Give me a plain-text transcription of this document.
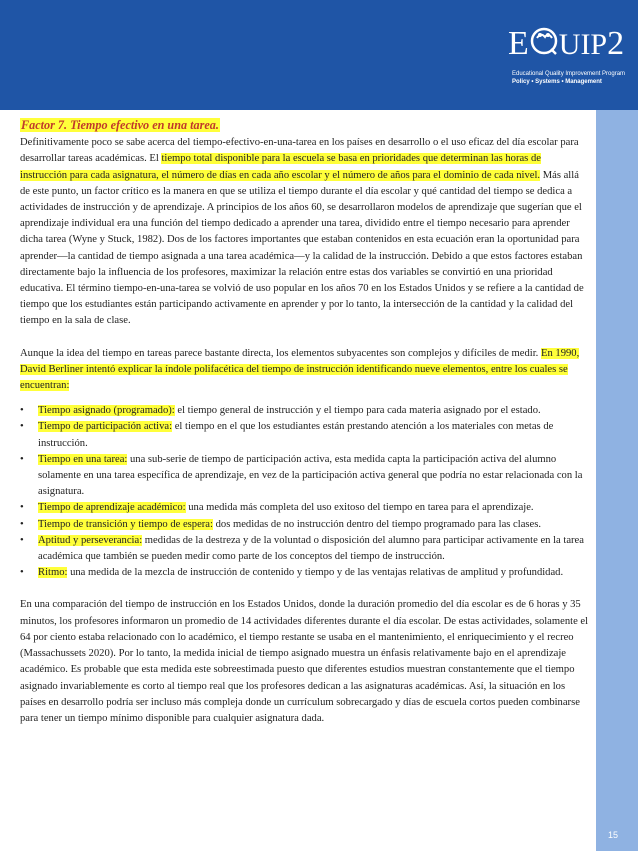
E UIP2
Educational Quality Improvement Program
Policy • Systems • Management
Factor 7. Tiempo efectivo en una tarea.

Definitivamente poco se sabe acerca del tiempo-efectivo-en-una-tarea en los países en desarrollo o el uso eficaz del día escolar para desarrollar tareas académicas. El tiempo total disponible para la escuela se basa en prioridades que determinan las horas de instrucción para cada asignatura, el número de días en cada año escolar y el número de años para el dominio de cada nivel. Más allá de este punto, un factor crítico es la manera en que se utiliza el tiempo durante el día escolar y qué cantidad del tiempo se dedica a actividades de instrucción y de aprendizaje. A principios de los años 60, se desarrollaron modelos de aprendizaje que sugerían que el aprendizaje individual era una función del tiempo dedicado a aprender una tarea, dividido entre el tiempo necesario para aprender dicha tarea (Wyne y Stuck, 1982). Dos de los factores importantes que estaban contenidos en esta ecuación eran la oportunidad para aprender—la cantidad de tiempo asignada a una tarea académica—y la calidad de la instrucción. Debido a que estos factores estaban directamente bajo la influencia de los profesores, maximizar la relación entre estas dos variables se convirtió en una prioridad educativa. El término tiempo-en-una-tarea se volvió de uso popular en los años 70 en los Estados Unidos y se refiere a la cantidad de tiempo que los estudiantes están participando activamente en aprender y por lo tanto, la intersección de la cantidad y la calidad del tiempo en la sala de clase.

Aunque la idea del tiempo en tareas parece bastante directa, los elementos subyacentes son complejos y difíciles de medir. En 1990, David Berliner intentó explicar la índole polifacética del tiempo de instrucción identificando nueve elementos, entre los cuales se encuentran:

•	Tiempo asignado (programado): el tiempo general de instrucción y el tiempo para cada materia asignado por el estado.
•	Tiempo de participación activa: el tiempo en el que los estudiantes están prestando atención a los materiales con metas de instrucción.
•	Tiempo en una tarea: una sub-serie de tiempo de participación activa, esta medida capta la participación activa del alumno solamente en una tarea específica de aprendizaje, en vez de la participación activa general que podría no estar relacionada con la asignatura.
•	Tiempo de aprendizaje académico: una medida más completa del uso exitoso del tiempo en tarea para el aprendizaje.
•	Tiempo de transición y tiempo de espera: dos medidas de no instrucción dentro del tiempo programado para las clases.
•	Aptitud y perseverancia: medidas de la destreza y de la voluntad o disposición del alumno para participar activamente en la tarea académica que también se pueden medir como parte de los conceptos del tiempo de instrucción.
•	Ritmo: una medida de la mezcla de instrucción de contenido y tiempo y de las ventajas relativas de amplitud y profundidad.

En una comparación del tiempo de instrucción en los Estados Unidos, donde la duración promedio del día escolar es de 6 horas y 35 minutos, los profesores informaron un promedio de 14 actividades diferentes durante el día escolar. De estas actividades, solamente el 64 por ciento estaba relacionado con lo académico, el tiempo restante se usaba en el mantenimiento, el enriquecimiento y el recreo (Massachussets 2020). Por lo tanto, la medida inicial de tiempo asignado muestra un énfasis relativamente bajo en el aprendizaje académico. Es probable que esta medida este sobreestimada puesto que diferentes estudios muestran constantemente que el tiempo asignado invariablemente es corto al tiempo real que los profesores dedican a las asignaturas académicas. Así, la situación en los países en desarrollo podría ser incluso más compleja donde un currículum sobrecargado y días de escuela cortos pueden combinarse para tener un tiempo mínimo disponible para cualquier asignatura dada.

15
